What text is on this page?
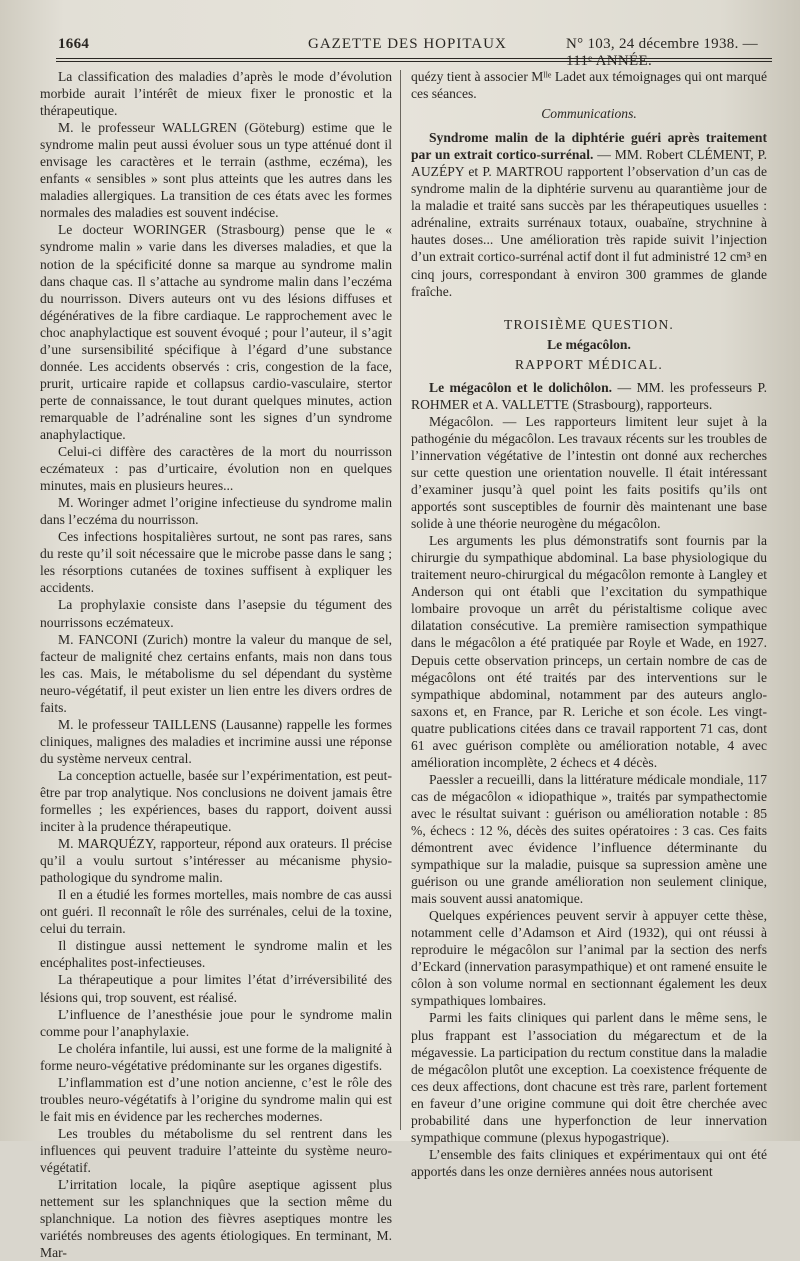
1664	GAZETTE DES HOPITAUX	N° 103, 24 décembre 1938. — 111ᵉ ANNÉE.

La classification des maladies d’après le mode d’évolution morbide aurait l’intérêt de mieux fixer le pronostic et la thérapeutique.

M. le professeur WALLGREN (Göteburg) estime que le syndrome malin peut aussi évoluer sous un type atténué dont il envisage les caractères et le terrain (asthme, eczéma), les enfants « sensibles » sont plus atteints que les autres dans les maladies allergiques. La transition de ces états avec les formes normales des maladies est souvent indécise.

Le docteur WORINGER (Strasbourg) pense que le « syndrome malin » varie dans les diverses maladies, et que la notion de la spécificité donne sa marque au syndrome malin dans chaque cas. Il s’attache au syndrome malin dans l’eczéma du nourrisson. Divers auteurs ont vu des lésions diffuses et dégénératives de la fibre cardiaque. Le rapprochement avec le choc anaphylactique est souvent évoqué ; pour l’auteur, il s’agit d’une sursensibilité spécifique à l’égard d’une substance donnée. Les accidents observés : cris, congestion de la face, prurit, urticaire rapide et collapsus cardio-vasculaire, stertor perte de connaissance, le tout durant quelques minutes, action remarquable de l’adrénaline sont les signes d’un syndrome anaphylactique.

Celui-ci diffère des caractères de la mort du nourrisson eczémateux : pas d’urticaire, évolution non en quelques minutes, mais en plusieurs heures...

M. Woringer admet l’origine infectieuse du syndrome malin dans l’eczéma du nourrisson.

Ces infections hospitalières surtout, ne sont pas rares, sans du reste qu’il soit nécessaire que le microbe passe dans le sang ; les résorptions cutanées de toxines suffisent à expliquer les accidents.

La prophylaxie consiste dans l’asepsie du tégument des nourrissons eczémateux.

M. FANCONI (Zurich) montre la valeur du manque de sel, facteur de malignité chez certains enfants, mais non dans tous les cas. Mais, le métabolisme du sel dépendant du système neuro-végétatif, il peut exister un lien entre les divers ordres de faits.

M. le professeur TAILLENS (Lausanne) rappelle les formes cliniques, malignes des maladies et incrimine aussi une réponse du système nerveux central.

La conception actuelle, basée sur l’expérimentation, est peut-être par trop analytique. Nos conclusions ne doivent jamais être formelles ; les expériences, bases du rapport, doivent aussi inciter à la prudence thérapeutique.

M. MARQUÉZY, rapporteur, répond aux orateurs. Il précise qu’il a voulu surtout s’intéresser au mécanisme physio-pathologique du syndrome malin.

Il en a étudié les formes mortelles, mais nombre de cas aussi ont guéri. Il reconnaît le rôle des surrénales, celui de la toxine, celui du terrain.

Il distingue aussi nettement le syndrome malin et les encéphalites post-infectieuses.

La thérapeutique a pour limites l’état d’irréversibilité des lésions qui, trop souvent, est réalisé.

L’influence de l’anesthésie joue pour le syndrome malin comme pour l’anaphylaxie.

Le choléra infantile, lui aussi, est une forme de la malignité à forme neuro-végétative prédominante sur les organes digestifs.

L’inflammation est d’une notion ancienne, c’est le rôle des troubles neuro-végétatifs à l’origine du syndrome malin qui est le fait mis en évidence par les recherches modernes.

Les troubles du métabolisme du sel rentrent dans les influences qui peuvent traduire l’atteinte du système neuro-végétatif.

L’irritation locale, la piqûre aseptique agissent plus nettement sur les splanchniques que la section même du splanchnique. La notion des fièvres aseptiques montre les variétés nombreuses des agents étiologiques. En terminant, M. Mar-

quézy tient à associer Mˡˡᵉ Ladet aux témoignages qui ont marqué ces séances.

Communications.

Syndrome malin de la diphtérie guéri après traitement par un extrait cortico-surrénal. — MM. Robert CLÉMENT, P. AUZÉPY et P. MARTROU rapportent l’observation d’un cas de syndrome malin de la diphtérie survenu au quarantième jour de la maladie et traité sans succès par les thérapeutiques usuelles : adrénaline, extraits surrénaux totaux, ouabaïne, strychnine à hautes doses... Une amélioration très rapide suivit l’injection d’un extrait cortico-surrénal actif dont il fut administré 12 cm³ en cinq jours, correspondant à environ 300 grammes de glande fraîche.

TROISIÈME QUESTION.

Le mégacôlon.

RAPPORT MÉDICAL.

Le mégacôlon et le dolichôlon. — MM. les professeurs P. ROHMER et A. VALLETTE (Strasbourg), rapporteurs.

Mégacôlon. — Les rapporteurs limitent leur sujet à la pathogénie du mégacôlon. Les travaux récents sur les troubles de l’innervation végétative de l’intestin ont donné aux recherches sur cette question une orientation nouvelle. Il était intéressant d’examiner jusqu’à quel point les faits positifs qu’ils ont apportés sont susceptibles de fournir dès maintenant une base solide à une théorie neurogène du mégacôlon.

Les arguments les plus démonstratifs sont fournis par la chirurgie du sympathique abdominal. La base physiologique du traitement neuro-chirurgical du mégacôlon remonte à Langley et Anderson qui ont établi que l’excitation du sympathique lombaire provoque un arrêt du péristaltisme colique avec dilatation consécutive. La première ramisection sympathique dans le mégacôlon a été pratiquée par Royle et Wade, en 1927. Depuis cette observation princeps, un certain nombre de cas de mégacôlons ont été traités par des interventions sur le sympathique abdominal, notamment par des auteurs anglo-saxons et, en France, par R. Leriche et son école. Les vingt-quatre publications citées dans ce travail rapportent 71 cas, dont 61 avec guérison complète ou amélioration notable, 4 avec amélioration incomplète, 2 échecs et 4 décès.

Paessler a recueilli, dans la littérature médicale mondiale, 117 cas de mégacôlon « idiopathique », traités par sympathectomie avec le résultat suivant : guérison ou amélioration notable : 85 %, échecs : 12 %, décès des suites opératoires : 3 cas. Ces faits démontrent avec évidence l’influence déterminante du sympathique sur la maladie, puisque sa supression amène une guérison ou une grande amélioration non seulement clinique, mais souvent aussi anatomique.

Quelques expériences peuvent servir à appuyer cette thèse, notamment celle d’Adamson et Aird (1932), qui ont réussi à reproduire le mégacôlon sur l’animal par la section des nerfs d’Eckard (innervation parasympathique) et ont ramené ensuite le côlon à son volume normal en sectionnant également les deux sympathiques lombaires.

Parmi les faits cliniques qui parlent dans le même sens, le plus frappant est l’association du mégarectum et de la mégavessie. La participation du rectum constitue dans la maladie de mégacôlon plutôt une exception. La coexistence fréquente de ces deux affections, dont chacune est très rare, parlent fortement en faveur d’une origine commune qui doit être cherchée avec probabilité dans une hyperfonction de leur innervation sympathique commune (plexus hypogastrique).

L’ensemble des faits cliniques et expérimentaux qui ont été apportés dans les onze dernières années nous autorisent
